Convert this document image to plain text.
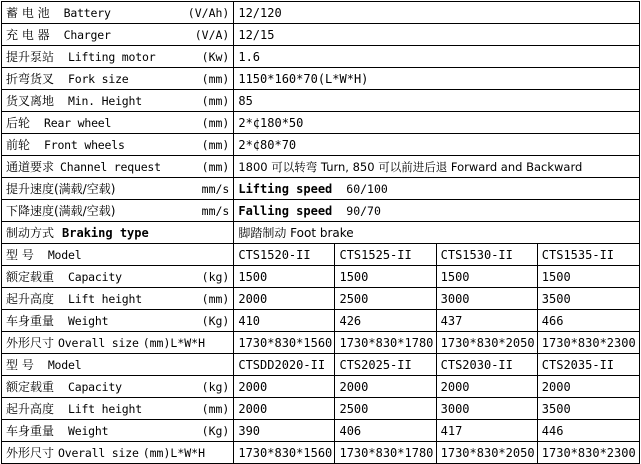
蓄 电 池 Battery (V/Ah)	12/120			

充 电 器 Charger (V/A)	12/15			

提升泵站 Lifting motor (Kw)	1.6			

折弯货叉 Fork size (mm)	1150*160*70(L*W*H)			

货叉离地 Min. Height (mm)	85			

后轮 Rear wheel (mm)	2*¢180*50			

前轮 Front wheels (mm)	2*¢80*70			

通道要求 Channel request (mm)	1800 可以转弯 Turn, 850 可以前进后退 Forward and Backward			

提升速度(满载/空载) mm/s	Lifting speed 60/100			

下降速度(满载/空载) mm/s	Falling speed 90/70			

制动方式 Braking type	脚踏制动 Foot brake			

型 号 Model	CTS1520-II	CTS1525-II	CTS1530-II	CTS1535-II

额定载重 Capacity (kg)	1500	1500	1500	1500

起升高度 Lift height (mm)	2000	2500	3000	3500

车身重量 Weight (Kg)	410	426	437	466

外形尺寸 Overall size (mm)L*W*H	1730*830*1560	1730*830*1780	1730*830*2050	1730*830*2300

型 号 Model	CTSDD2020-II	CTS2025-II	CTS2030-II	CTS2035-II

额定载重 Capacity (kg)	2000	2000	2000	2000

起升高度 Lift height (mm)	2000	2500	3000	3500

车身重量 Weight (Kg)	390	406	417	446

外形尺寸 Overall size (mm)L*W*H	1730*830*1560	1730*830*1780	1730*830*2050	1730*830*2300
